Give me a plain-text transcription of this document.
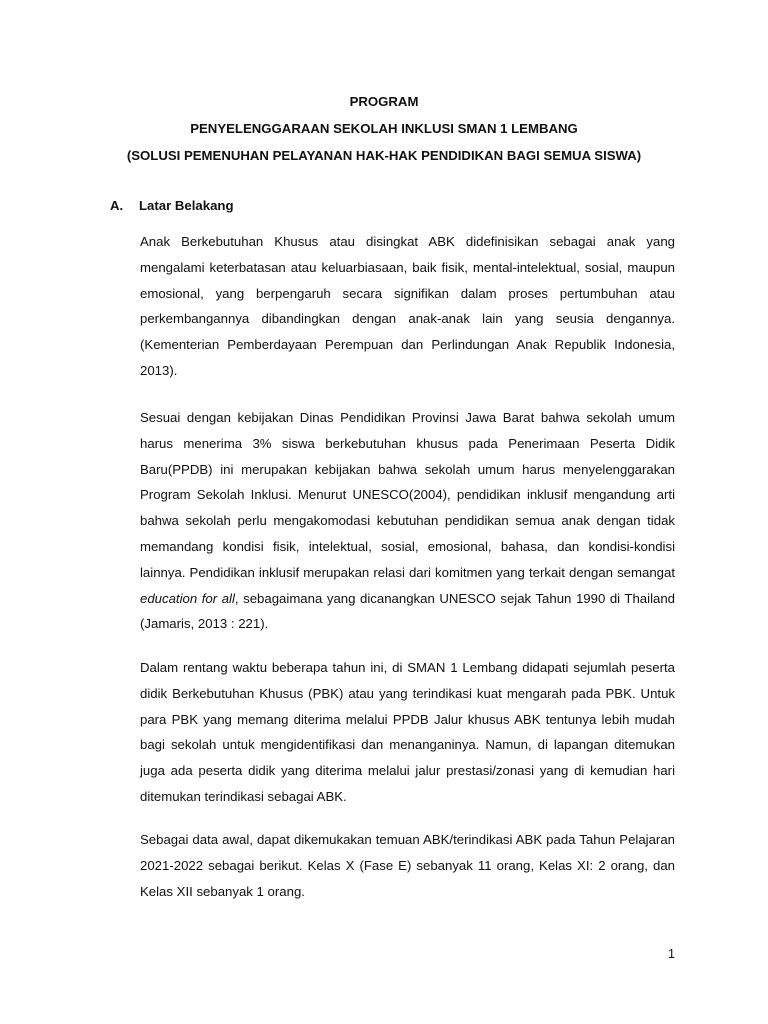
PROGRAM
PENYELENGGARAAN SEKOLAH INKLUSI SMAN 1 LEMBANG
(SOLUSI PEMENUHAN PELAYANAN HAK-HAK PENDIDIKAN BAGI SEMUA SISWA)
A. Latar Belakang

Anak Berkebutuhan Khusus atau disingkat ABK didefinisikan sebagai anak yang mengalami keterbatasan atau keluarbiasaan, baik fisik, mental-intelektual, sosial, maupun emosional, yang berpengaruh secara signifikan dalam proses pertumbuhan atau perkembangannya dibandingkan dengan anak-anak lain yang seusia dengannya. (Kementerian Pemberdayaan Perempuan dan Perlindungan Anak Republik Indonesia, 2013).

Sesuai dengan kebijakan Dinas Pendidikan Provinsi Jawa Barat bahwa sekolah umum harus menerima 3% siswa berkebutuhan khusus pada Penerimaan Peserta Didik Baru(PPDB) ini merupakan kebijakan bahwa sekolah umum harus menyelenggarakan Program Sekolah Inklusi. Menurut UNESCO(2004), pendidikan inklusif mengandung arti bahwa sekolah perlu mengakomodasi kebutuhan pendidikan semua anak dengan tidak memandang kondisi fisik, intelektual, sosial, emosional, bahasa, dan kondisi-kondisi lainnya. Pendidikan inklusif merupakan relasi dari komitmen yang terkait dengan semangat education for all, sebagaimana yang dicanangkan UNESCO sejak Tahun 1990 di Thailand (Jamaris, 2013 : 221).

Dalam rentang waktu beberapa tahun ini, di SMAN 1 Lembang didapati sejumlah peserta didik Berkebutuhan Khusus (PBK) atau yang terindikasi kuat mengarah pada PBK. Untuk para PBK yang memang diterima melalui PPDB Jalur khusus ABK tentunya lebih mudah bagi sekolah untuk mengidentifikasi dan menanganinya. Namun, di lapangan ditemukan juga ada peserta didik yang diterima melalui jalur prestasi/zonasi yang di kemudian hari ditemukan terindikasi sebagai ABK.

Sebagai data awal, dapat dikemukakan temuan ABK/terindikasi ABK pada Tahun Pelajaran 2021-2022 sebagai berikut. Kelas X (Fase E) sebanyak 11 orang, Kelas XI: 2 orang, dan Kelas XII sebanyak 1 orang.

1
